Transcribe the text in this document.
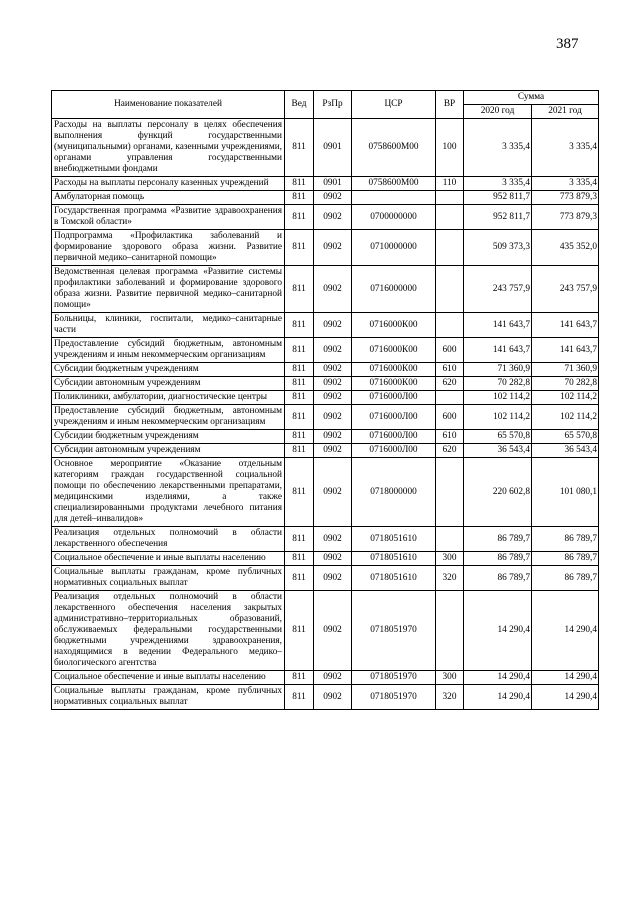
387
Наименование показателей	Вед	РзПр	ЦСР	ВР	Сумма	
					2020 год	2021 год
Расходы на выплаты персоналу в целях обеспечения выполнения функций государственными (муниципальными) органами, казенными учреждениями, органами управления государственными внебюджетными фондами	811	0901	0758600М00	100	3 335,4	3 335,4
Расходы на выплаты персоналу казенных учреждений	811	0901	0758600М00	110	3 335,4	3 335,4
Амбулаторная помощь	811	0902			952 811,7	773 879,3
Государственная программа «Развитие здравоохранения в Томской области»	811	0902	0700000000		952 811,7	773 879,3
Подпрограмма «Профилактика заболеваний и формирование здорового образа жизни. Развитие первичной медико–санитарной помощи»	811	0902	0710000000		509 373,3	435 352,0
Ведомственная целевая программа «Развитие системы профилактики заболеваний и формирование здорового образа жизни. Развитие первичной медико–санитарной помощи»	811	0902	0716000000		243 757,9	243 757,9
Больницы, клиники, госпитали, медико–санитарные части	811	0902	0716000К00		141 643,7	141 643,7
Предоставление субсидий бюджетным, автономным учреждениям и иным некоммерческим организациям	811	0902	0716000К00	600	141 643,7	141 643,7
Субсидии бюджетным учреждениям	811	0902	0716000К00	610	71 360,9	71 360,9
Субсидии автономным учреждениям	811	0902	0716000К00	620	70 282,8	70 282,8
Поликлиники, амбулатории, диагностические центры	811	0902	0716000Л00		102 114,2	102 114,2
Предоставление субсидий бюджетным, автономным учреждениям и иным некоммерческим организациям	811	0902	0716000Л00	600	102 114,2	102 114,2
Субсидии бюджетным учреждениям	811	0902	0716000Л00	610	65 570,8	65 570,8
Субсидии автономным учреждениям	811	0902	0716000Л00	620	36 543,4	36 543,4
Основное мероприятие «Оказание отдельным категориям граждан государственной социальной помощи по обеспечению лекарственными препаратами, медицинскими изделиями, а также специализированными продуктами лечебного питания для детей–инвалидов»	811	0902	0718000000		220 602,8	101 080,1
Реализация отдельных полномочий в области лекарственного обеспечения	811	0902	0718051610		86 789,7	86 789,7
Социальное обеспечение и иные выплаты населению	811	0902	0718051610	300	86 789,7	86 789,7
Социальные выплаты гражданам, кроме публичных нормативных социальных выплат	811	0902	0718051610	320	86 789,7	86 789,7
Реализация отдельных полномочий в области лекарственного обеспечения населения закрытых административно–территориальных образований, обслуживаемых федеральными государственными бюджетными учреждениями здравоохранения, находящимися в ведении Федерального медико–биологического агентства	811	0902	0718051970		14 290,4	14 290,4
Социальное обеспечение и иные выплаты населению	811	0902	0718051970	300	14 290,4	14 290,4
Социальные выплаты гражданам, кроме публичных нормативных социальных выплат	811	0902	0718051970	320	14 290,4	14 290,4
